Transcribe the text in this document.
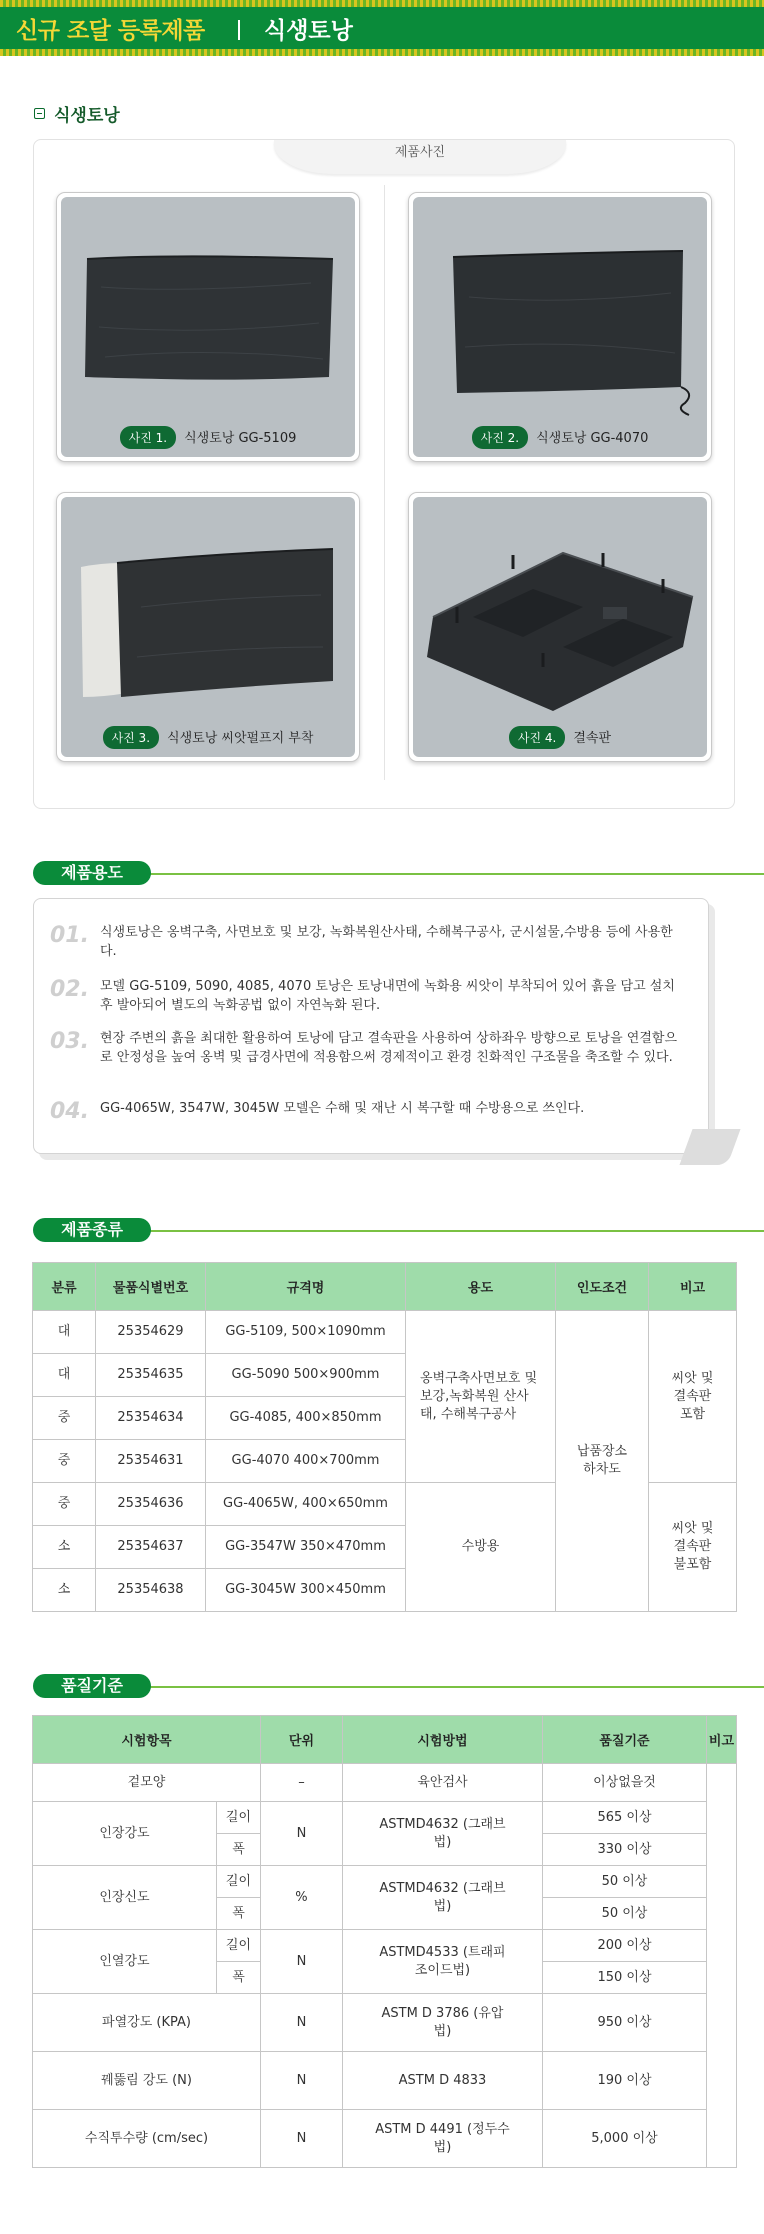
신규 조달 등록제품	식생토낭
식생토낭
제품사진
사진 1. 식생토낭 GG-5109	사진 2. 식생토낭 GG-4070
사진 3. 식생토낭 씨앗펄프지 부착	사진 4. 결속판
제품용도
01. 식생토낭은 옹벽구축, 사면보호 및 보강, 녹화복원산사태, 수해복구공사, 군시설물,수방용 등에 사용한다.
02. 모델 GG-5109, 5090, 4085, 4070 토낭은 토낭내면에 녹화용 씨앗이 부착되어 있어 흙을 담고 설치 후 발아되어 별도의 녹화공법 없이 자연녹화 된다.
03. 현장 주변의 흙을 최대한 활용하여 토낭에 담고 결속판을 사용하여 상하좌우 방향으로 토낭을 연결함으로 안정성을 높여 옹벽 및 급경사면에 적용함으써 경제적이고 환경 친화적인 구조물을 축조할 수 있다.
04. GG-4065W, 3547W, 3045W 모델은 수해 및 재난 시 복구할 때 수방용으로 쓰인다.
제품종류
분류	물품식별번호	규격명	용도	인도조건	비고
대	25354629	GG-5109, 500×1090mm	옹벽구축사면보호 및 보강,녹화복원 산사태, 수해복구공사	납품장소 하차도	씨앗 및 결속판 포함
대	25354635	GG-5090 500×900mm			
중	25354634	GG-4085, 400×850mm			
중	25354631	GG-4070 400×700mm			
중	25354636	GG-4065W, 400×650mm	수방용		씨앗 및 결속판 불포함
소	25354637	GG-3547W 350×470mm			
소	25354638	GG-3045W 300×450mm			
품질기준
시험항목		단위	시험방법	품질기준	비고
겉모양		–	육안검사	이상없을것	
인장강도	길이	N	ASTMD4632 (그래브법)	565 이상	
	폭			330 이상	
인장신도	길이	%	ASTMD4632 (그래브법)	50 이상	
	폭			50 이상	
인열강도	길이	N	ASTMD4533 (트래피 조이드법)	200 이상	
	폭			150 이상	
파열강도 (KPA)		N	ASTM D 3786 (유압법)	950 이상	
꿰뚫림 강도 (N)		N	ASTM D 4833	190 이상	
수직투수량 (cm/sec)		N	ASTM D 4491 (정두수법)	5,000 이상	
